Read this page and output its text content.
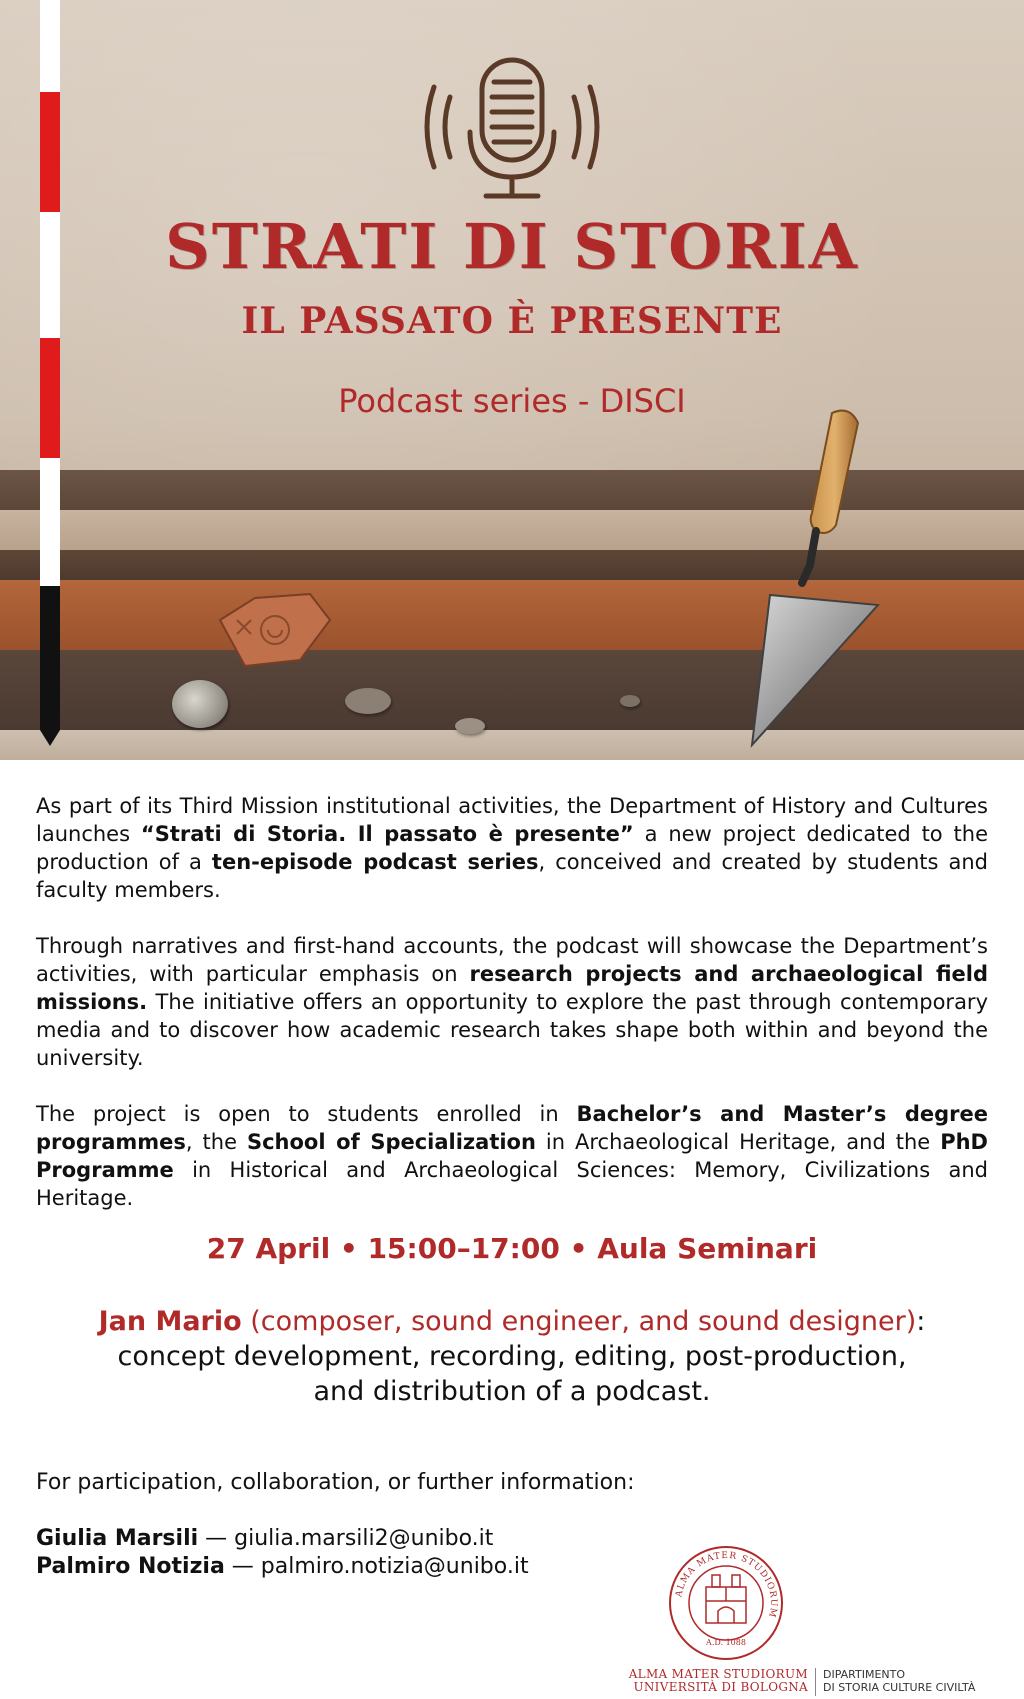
STRATI DI STORIA
IL PASSATO È PRESENTE
Podcast series - DISCI

As part of its Third Mission institutional activities, the Department of History and Cultures launches “Strati di Storia. Il passato è presente” a new project dedicated to the production of a ten-episode podcast series, conceived and created by students and faculty members.

Through narratives and first-hand accounts, the podcast will showcase the Department’s activities, with particular emphasis on research projects and archaeological field missions. The initiative offers an opportunity to explore the past through contemporary media and to discover how academic research takes shape both within and beyond the university.

The project is open to students enrolled in Bachelor’s and Master’s degree programmes, the School of Specialization in Archaeological Heritage, and the PhD Programme in Historical and Archaeological Sciences: Memory, Civilizations and Heritage.

27 April • 15:00–17:00 • Aula Seminari
Jan Mario (composer, sound engineer, and sound designer):
concept development, recording, editing, post-production,
and distribution of a podcast.
For participation, collaboration, or further information:
Giulia Marsili — giulia.marsili2@unibo.it
Palmiro Notizia — palmiro.notizia@unibo.it
ALMA MATER STUDIORUM
A.D. 1088
ALMA MATER STUDIORUM
UNIVERSITÀ DI BOLOGNA
DIPARTIMENTO
DI STORIA CULTURE CIVILTÀ
